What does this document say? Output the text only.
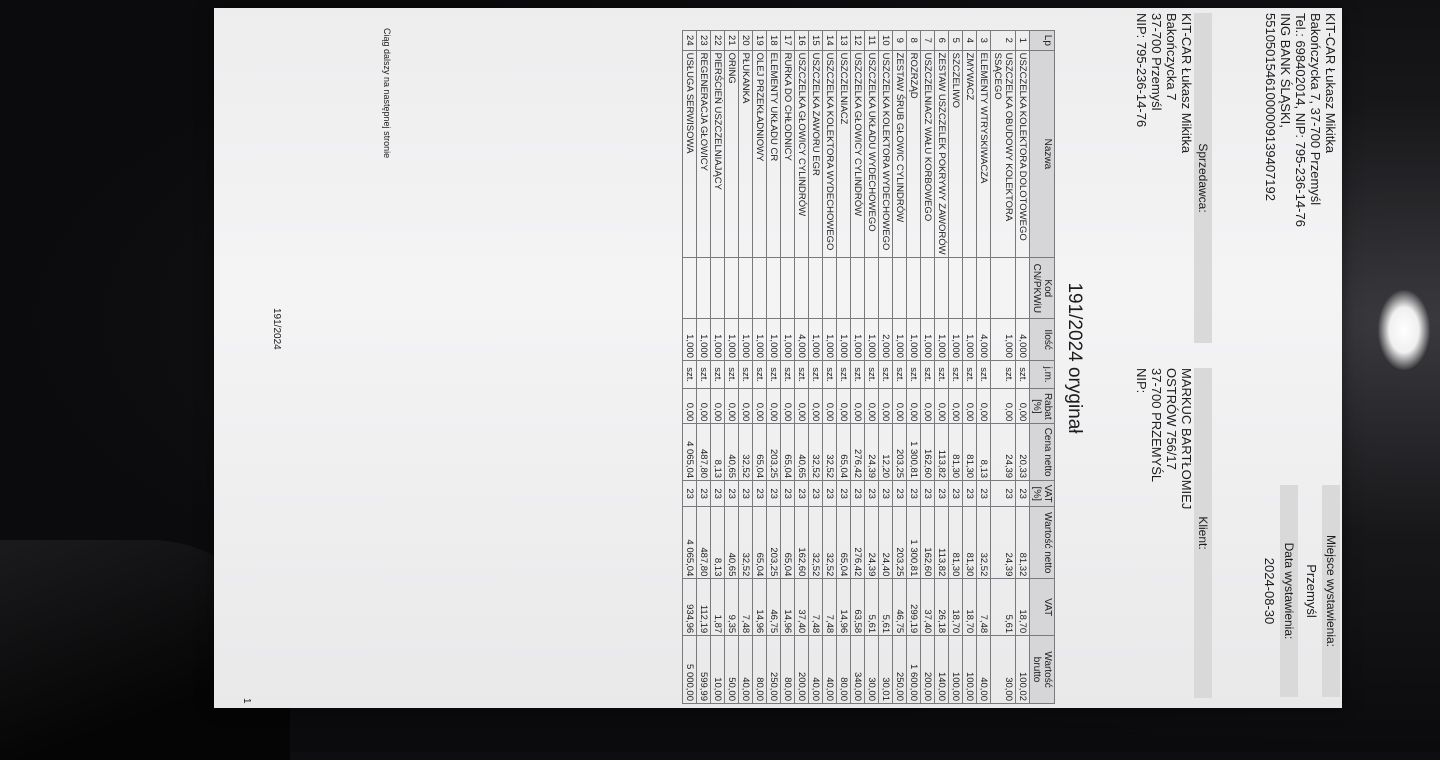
KIT-CAR Łukasz Mikitka
Bakończycka 7, 37-700 Przemyśl
Tel.: 698402014, NIP: 795-236-14-76
ING BANK ŚLĄSKI,
55105015461000009139407192
Miejsce wystawienia:
Przemyśl
Data wystawienia:
2024-08-30
Sprzedawca:
KIT-CAR Łukasz Mikitka
Bakończycka 7
37-700 Przemyśl
NIP: 795-236-14-76
Klient:
MARKUC BARTŁOMIEJ
OSTRÓW 756/17
37-700 PRZEMYŚL
NIP:
191/2024 oryginał
Lp	Nazwa	Kod CN/PKWiU	Ilość	j.m.	Rabat [%]	Cena netto	VAT [%]	Wartość netto	VAT	Wartość brutto
1	USZCZELKA KOLEKTORA DOLOTOWEGO		4,000	szt.	0,00	20,33	23	81,32	18,70	100,02
2	USZCZELKA OBUDOWY KOLEKTORA SSĄCEGO		1,000	szt.	0,00	24,39	23	24,39	5,61	30,00
3	ELEMENTY WTRYSKIWACZA		4,000	szt.	0,00	8,13	23	32,52	7,48	40,00
4	ZMYWACZ		1,000	szt.	0,00	81,30	23	81,30	18,70	100,00
5	SZCZELIWO		1,000	szt.	0,00	81,30	23	81,30	18,70	100,00
6	ZESTAW USZCZELEK POKRYWY ZAWORÓW		1,000	szt.	0,00	113,82	23	113,82	26,18	140,00
7	USZCZELNIACZ WAŁU KORBOWEGO		1,000	szt.	0,00	162,60	23	162,60	37,40	200,00
8	ROZRZĄD		1,000	szt.	0,00	1 300,81	23	1 300,81	299,19	1 600,00
9	ZESTAW ŚRUB GŁOWIC CYLINDRÓW		1,000	szt.	0,00	203,25	23	203,25	46,75	250,00
10	USZCZELKA KOLEKTORA WYDECHOWEGO		2,000	szt.	0,00	12,20	23	24,40	5,61	30,01
11	USZCZELKA UKŁADU WYDECHOWEGO		1,000	szt.	0,00	24,39	23	24,39	5,61	30,00
12	USZCZELKA GŁOWICY CYLINDRÓW		1,000	szt.	0,00	276,42	23	276,42	63,58	340,00
13	USZCZELNIACZ		1,000	szt.	0,00	65,04	23	65,04	14,96	80,00
14	USZCZELKA KOLEKTORA WYDECHOWEGO		1,000	szt.	0,00	32,52	23	32,52	7,48	40,00
15	USZCZELKA ZAWORU EGR		1,000	szt.	0,00	32,52	23	32,52	7,48	40,00
16	USZCZELKA GŁOWICY CYLINDRÓW		4,000	szt.	0,00	40,65	23	162,60	37,40	200,00
17	RURKA DO CHŁODNICY		1,000	szt.	0,00	65,04	23	65,04	14,96	80,00
18	ELEMENTY UKŁADU CR		1,000	szt.	0,00	203,25	23	203,25	46,75	250,00
19	OLEJ PRZEKŁADNIOWY		1,000	szt.	0,00	65,04	23	65,04	14,96	80,00
20	PŁUKANKA		1,000	szt.	0,00	32,52	23	32,52	7,48	40,00
21	ORING		1,000	szt.	0,00	40,65	23	40,65	9,35	50,00
22	PIERŚCIEŃ USZCZELNIAJĄCY		1,000	szt.	0,00	8,13	23	8,13	1,87	10,00
23	REGENERACJA GŁOWICY		1,000	szt.	0,00	487,80	23	487,80	112,19	599,99
24	USŁUGA SERWISOWA		1,000	szt.	0,00	4 065,04	23	4 065,04	934,96	5 000,00
Ciąg dalszy na następnej stronie
191/2024
1
